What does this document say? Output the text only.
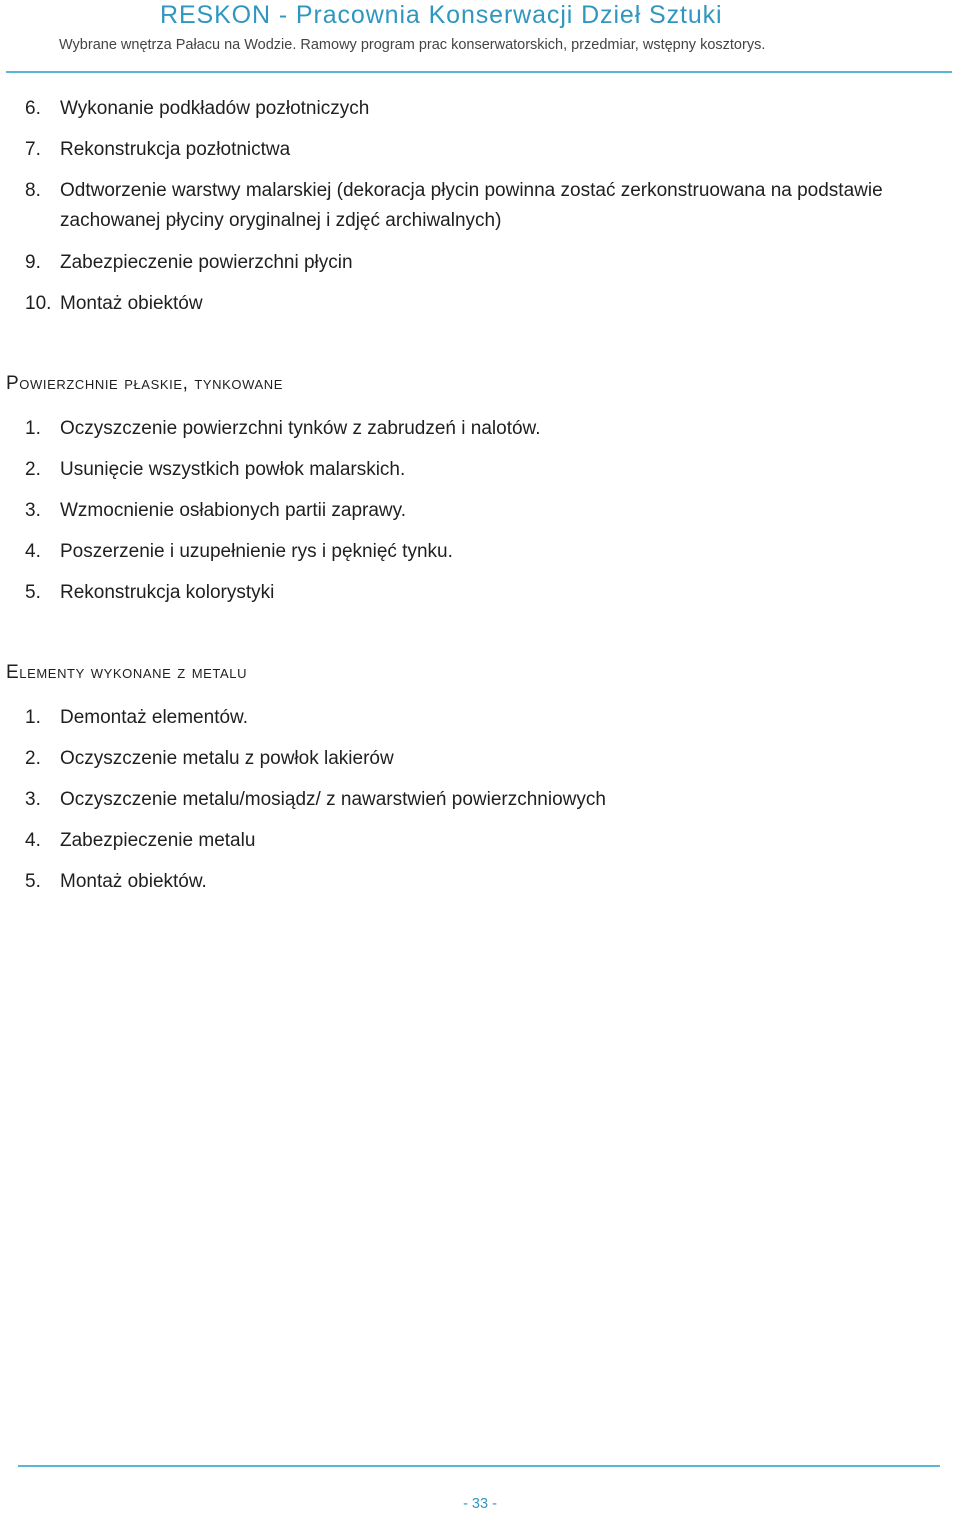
RESKON - Pracownia Konserwacji Dzieł Sztuki
Wybrane wnętrza Pałacu na Wodzie. Ramowy program prac konserwatorskich, przedmiar, wstępny kosztorys.
6. Wykonanie podkładów pozłotniczych
7. Rekonstrukcja pozłotnictwa
8. Odtworzenie warstwy malarskiej (dekoracja płycin powinna zostać zerkonstruowana na podstawie zachowanej płyciny oryginalnej i zdjęć archiwalnych)
9. Zabezpieczenie powierzchni płycin
10. Montaż obiektów
Powierzchnie płaskie, tynkowane
1. Oczyszczenie powierzchni tynków z zabrudzeń i nalotów.
2. Usunięcie wszystkich powłok malarskich.
3. Wzmocnienie osłabionych partii zaprawy.
4. Poszerzenie i uzupełnienie rys i pęknięć tynku.
5. Rekonstrukcja kolorystyki
Elementy wykonane z metalu
1. Demontaż elementów.
2. Oczyszczenie metalu z powłok lakierów
3. Oczyszczenie metalu/mosiądz/ z nawarstwień powierzchniowych
4. Zabezpieczenie metalu
5. Montaż obiektów.
- 33 -
